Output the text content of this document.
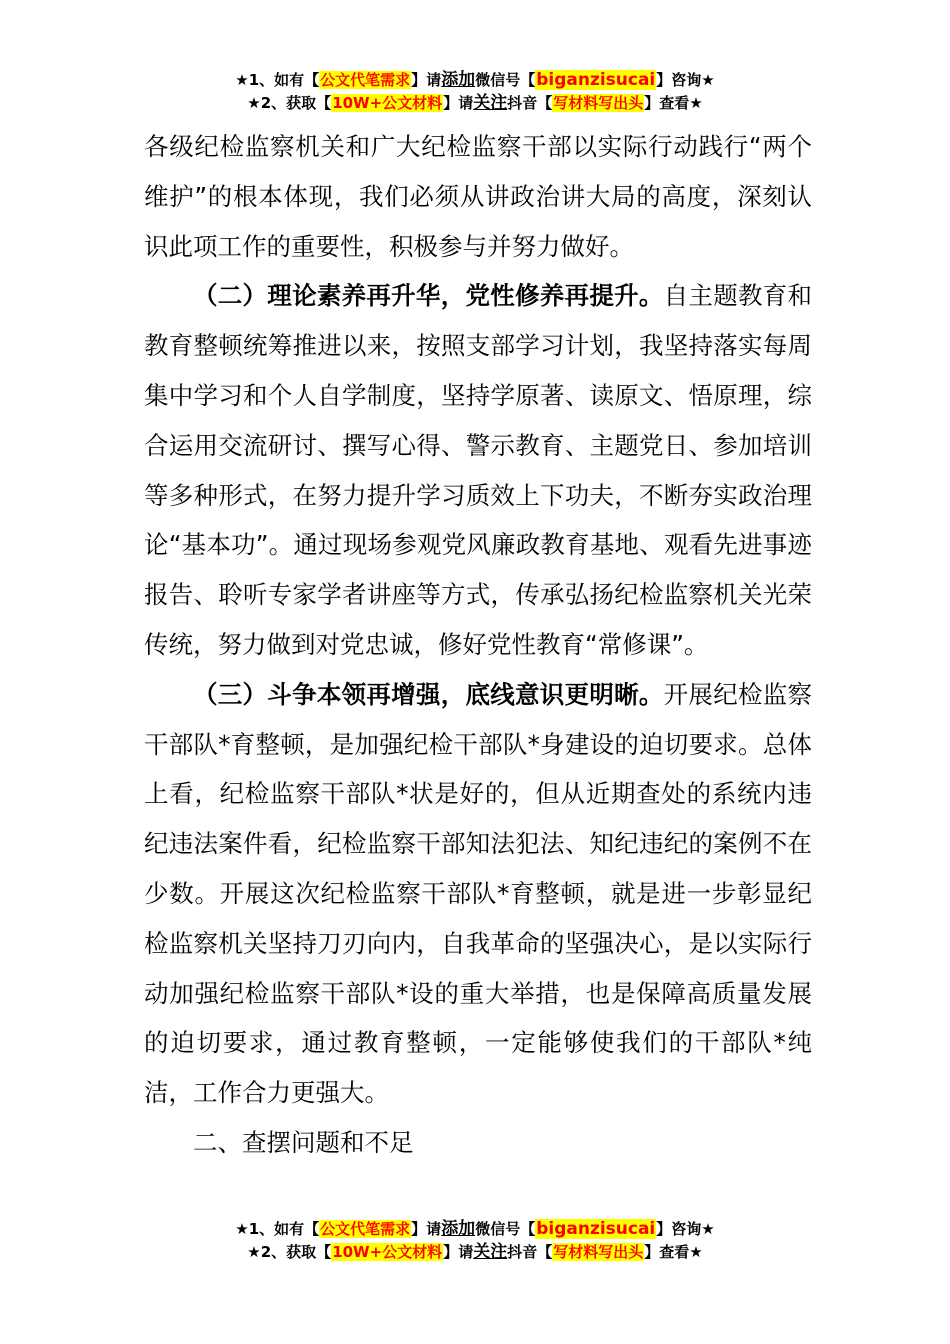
★1、如有【公文代笔需求】请添加微信号【biganzisucai】咨询★
★2、获取【10W+公文材料】请关注抖音【写材料写出头】查看★

各级纪检监察机关和广大纪检监察干部以实际行动践行“两个维护”的根本体现，我们必须从讲政治讲大局的高度，深刻认识此项工作的重要性，积极参与并努力做好。

（二）理论素养再升华，党性修养再提升。自主题教育和教育整顿统筹推进以来，按照支部学习计划，我坚持落实每周集中学习和个人自学制度，坚持学原著、读原文、悟原理，综合运用交流研讨、撰写心得、警示教育、主题党日、参加培训等多种形式，在努力提升学习质效上下功夫，不断夯实政治理论“基本功”。通过现场参观党风廉政教育基地、观看先进事迹报告、聆听专家学者讲座等方式，传承弘扬纪检监察机关光荣传统，努力做到对党忠诚，修好党性教育“常修课”。

（三）斗争本领再增强，底线意识更明晰。开展纪检监察干部队*育整顿，是加强纪检干部队*身建设的迫切要求。总体上看，纪检监察干部队*状是好的，但从近期查处的系统内违纪违法案件看，纪检监察干部知法犯法、知纪违纪的案例不在少数。开展这次纪检监察干部队*育整顿，就是进一步彰显纪检监察机关坚持刀刃向内，自我革命的坚强决心，是以实际行动加强纪检监察干部队*设的重大举措，也是保障高质量发展的迫切要求，通过教育整顿，一定能够使我们的干部队*纯洁，工作合力更强大。

二、查摆问题和不足

★1、如有【公文代笔需求】请添加微信号【biganzisucai】咨询★
★2、获取【10W+公文材料】请关注抖音【写材料写出头】查看★
